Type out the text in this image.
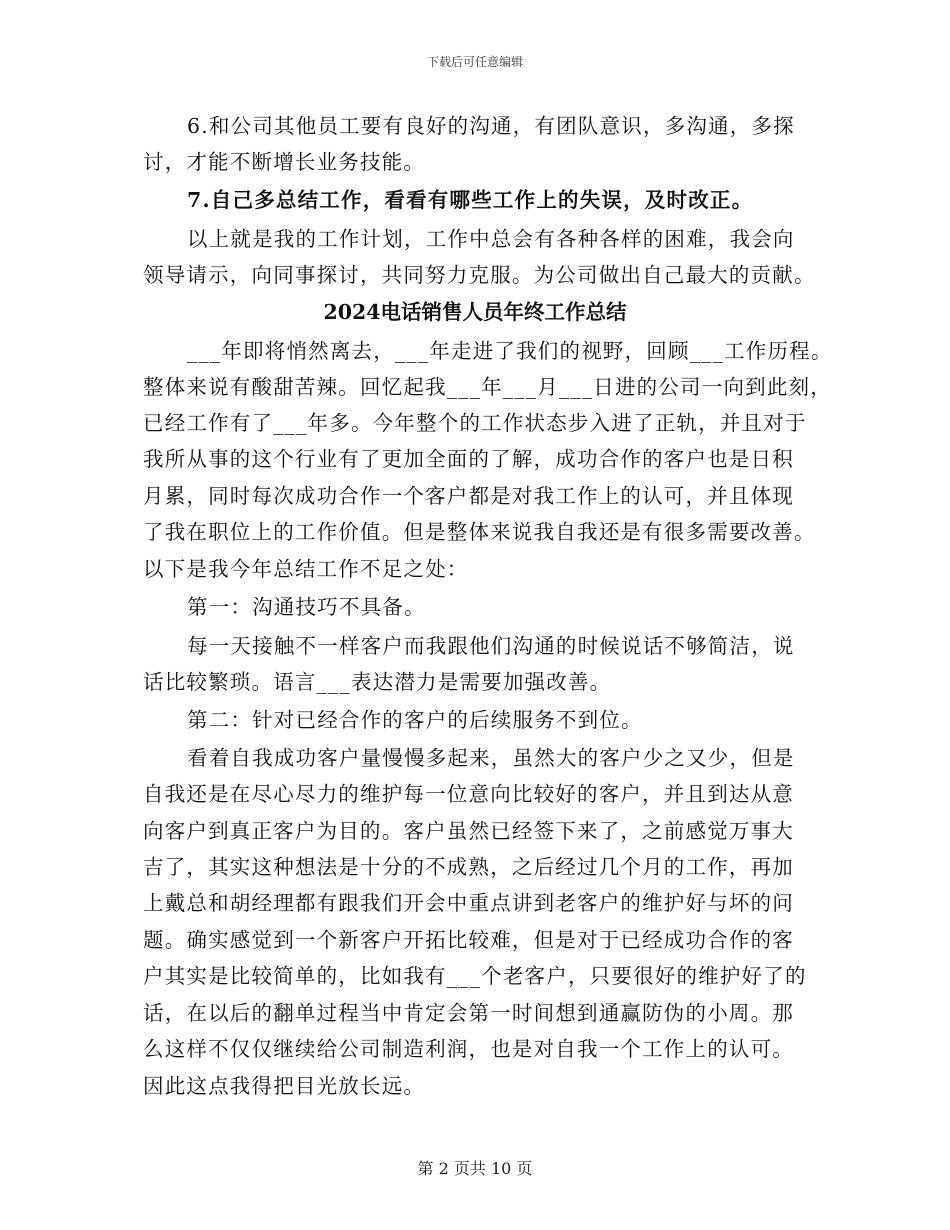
下载后可任意编辑
6.和公司其他员工要有良好的沟通，有团队意识，多沟通，多探
讨，才能不断增长业务技能。
7.自己多总结工作，看看有哪些工作上的失误，及时改正。
以上就是我的工作计划，工作中总会有各种各样的困难，我会向
领导请示，向同事探讨，共同努力克服。为公司做出自己最大的贡献。
2024电话销售人员年终工作总结
___年即将悄然离去，___年走进了我们的视野，回顾___工作历程。
整体来说有酸甜苦辣。回忆起我___年___月___日进的公司一向到此刻，
已经工作有了___年多。今年整个的工作状态步入进了正轨，并且对于
我所从事的这个行业有了更加全面的了解，成功合作的客户也是日积
月累，同时每次成功合作一个客户都是对我工作上的认可，并且体现
了我在职位上的工作价值。但是整体来说我自我还是有很多需要改善。
以下是我今年总结工作不足之处：
第一：沟通技巧不具备。
每一天接触不一样客户而我跟他们沟通的时候说话不够简洁，说
话比较繁琐。语言___表达潜力是需要加强改善。
第二：针对已经合作的客户的后续服务不到位。
看着自我成功客户量慢慢多起来，虽然大的客户少之又少，但是
自我还是在尽心尽力的维护每一位意向比较好的客户，并且到达从意
向客户到真正客户为目的。客户虽然已经签下来了，之前感觉万事大
吉了，其实这种想法是十分的不成熟，之后经过几个月的工作，再加
上戴总和胡经理都有跟我们开会中重点讲到老客户的维护好与坏的问
题。确实感觉到一个新客户开拓比较难，但是对于已经成功合作的客
户其实是比较简单的，比如我有___个老客户，只要很好的维护好了的
话，在以后的翻单过程当中肯定会第一时间想到通赢防伪的小周。那
么这样不仅仅继续给公司制造利润，也是对自我一个工作上的认可。
因此这点我得把目光放长远。
第 2 页共 10 页
